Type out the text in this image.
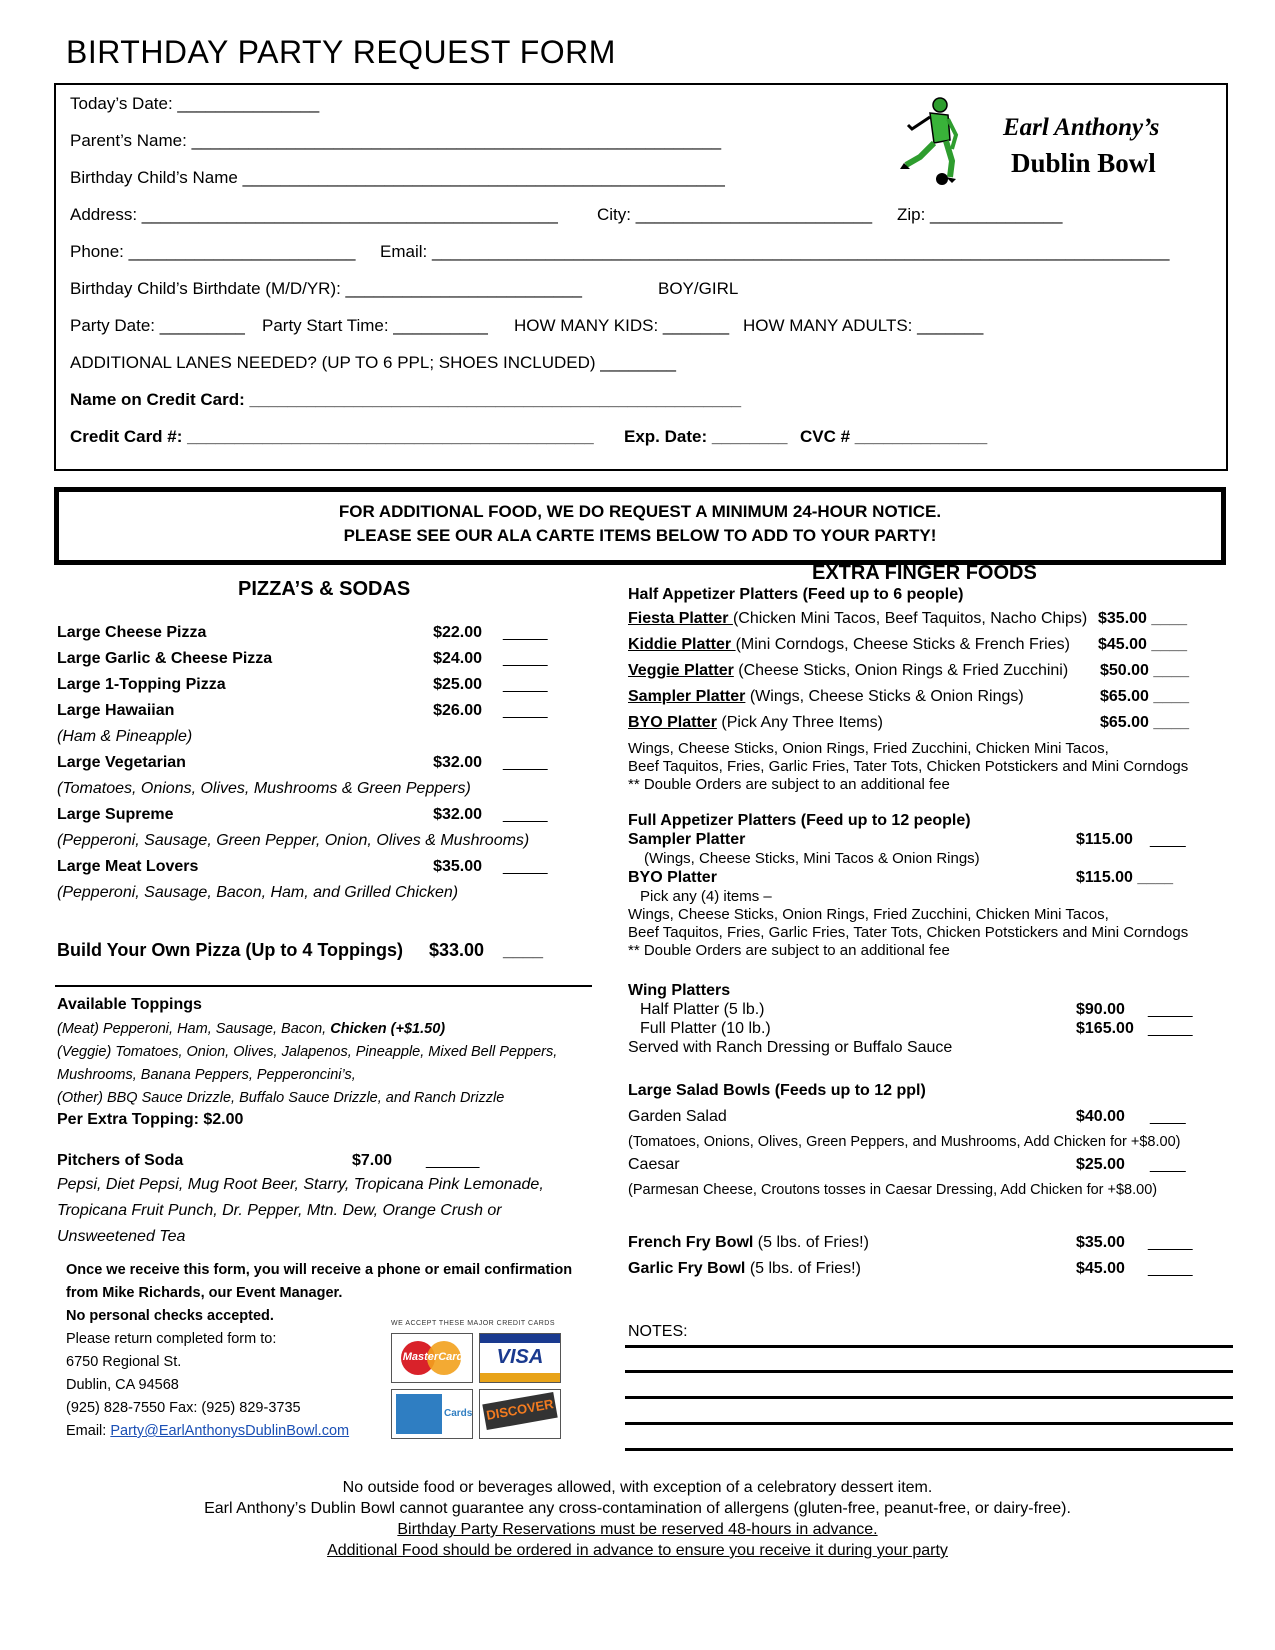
BIRTHDAY PARTY REQUEST FORM
Today’s Date: _______________
Parent’s Name: ________________________________________________________
Birthday Child’s Name ___________________________________________________
Address: ____________________________________________ City: _________________________ Zip: ______________
Phone: ________________________ Email: ______________________________________________________________________________
Birthday Child’s Birthdate (M/D/YR): _________________________	BOY/GIRL
Party Date: _________ Party Start Time: __________ HOW MANY KIDS: _______ HOW MANY ADULTS: _______
ADDITIONAL LANES NEEDED? (UP TO 6 PPL; SHOES INCLUDED) ________
Name on Credit Card: ____________________________________________________
Credit Card #: ___________________________________________ Exp. Date: ________ CVC # ______________
Earl Anthony’s
Dublin Bowl
FOR ADDITIONAL FOOD, WE DO REQUEST A MINIMUM 24-HOUR NOTICE.
PLEASE SEE OUR ALA CARTE ITEMS BELOW TO ADD TO YOUR PARTY!
PIZZA’S & SODAS
Large Cheese Pizza	$22.00 _____
Large Garlic & Cheese Pizza	$24.00 _____
Large 1-Topping Pizza	$25.00 _____
Large Hawaiian	$26.00 _____
(Ham & Pineapple)
Large Vegetarian	$32.00 _____
(Tomatoes, Onions, Olives, Mushrooms & Green Peppers)
Large Supreme	$32.00 _____
(Pepperoni, Sausage, Green Pepper, Onion, Olives & Mushrooms)
Large Meat Lovers	$35.00 _____
(Pepperoni, Sausage, Bacon, Ham, and Grilled Chicken)
Build Your Own Pizza (Up to 4 Toppings)	$33.00 ____
Available Toppings
(Meat) Pepperoni, Ham, Sausage, Bacon, Chicken (+$1.50)
(Veggie) Tomatoes, Onion, Olives, Jalapenos, Pineapple, Mixed Bell Peppers,
Mushrooms, Banana Peppers, Pepperoncini’s,
(Other) BBQ Sauce Drizzle, Buffalo Sauce Drizzle, and Ranch Drizzle
Per Extra Topping: $2.00
Pitchers of Soda	$7.00 ______
Pepsi, Diet Pepsi, Mug Root Beer, Starry, Tropicana Pink Lemonade,
Tropicana Fruit Punch, Dr. Pepper, Mtn. Dew, Orange Crush or
Unsweetened Tea
Once we receive this form, you will receive a phone or email confirmation
from Mike Richards, our Event Manager.
No personal checks accepted.
Please return completed form to:
6750 Regional St.
Dublin, CA 94568
(925) 828-7550 Fax: (925) 829-3735
Email: Party@EarlAnthonysDublinBowl.com
WE ACCEPT THESE MAJOR CREDIT CARDS
MasterCard	VISA
Cards DISCOVER
EXTRA FINGER FOODS
Half Appetizer Platters (Feed up to 6 people)
Fiesta Platter (Chicken Mini Tacos, Beef Taquitos, Nacho Chips) $35.00 ____
Kiddie Platter (Mini Corndogs, Cheese Sticks & French Fries) $45.00 ____
Veggie Platter (Cheese Sticks, Onion Rings & Fried Zucchini) $50.00 ____
Sampler Platter (Wings, Cheese Sticks & Onion Rings)	$65.00 ____
BYO Platter (Pick Any Three Items)	$65.00 ____
Wings, Cheese Sticks, Onion Rings, Fried Zucchini, Chicken Mini Tacos,
Beef Taquitos, Fries, Garlic Fries, Tater Tots, Chicken Potstickers and Mini Corndogs
** Double Orders are subject to an additional fee
Full Appetizer Platters (Feed up to 12 people)
Sampler Platter	$115.00 ____
(Wings, Cheese Sticks, Mini Tacos & Onion Rings)
BYO Platter	$115.00 ____
Pick any (4) items –
Wings, Cheese Sticks, Onion Rings, Fried Zucchini, Chicken Mini Tacos,
Beef Taquitos, Fries, Garlic Fries, Tater Tots, Chicken Potstickers and Mini Corndogs
** Double Orders are subject to an additional fee
Wing Platters
Half Platter (5 lb.)	$90.00 _____
Full Platter (10 lb.)	$165.00 _____
Served with Ranch Dressing or Buffalo Sauce
Large Salad Bowls (Feeds up to 12 ppl)
Garden Salad	$40.00 ____
(Tomatoes, Onions, Olives, Green Peppers, and Mushrooms, Add Chicken for +$8.00)
Caesar	$25.00 ____
(Parmesan Cheese, Croutons tosses in Caesar Dressing, Add Chicken for +$8.00)
French Fry Bowl (5 lbs. of Fries!)	$35.00 _____
Garlic Fry Bowl (5 lbs. of Fries!)	$45.00 _____
NOTES:
No outside food or beverages allowed, with exception of a celebratory dessert item.
Earl Anthony’s Dublin Bowl cannot guarantee any cross-contamination of allergens (gluten-free, peanut-free, or dairy-free).
Birthday Party Reservations must be reserved 48-hours in advance.
Additional Food should be ordered in advance to ensure you receive it during your party
